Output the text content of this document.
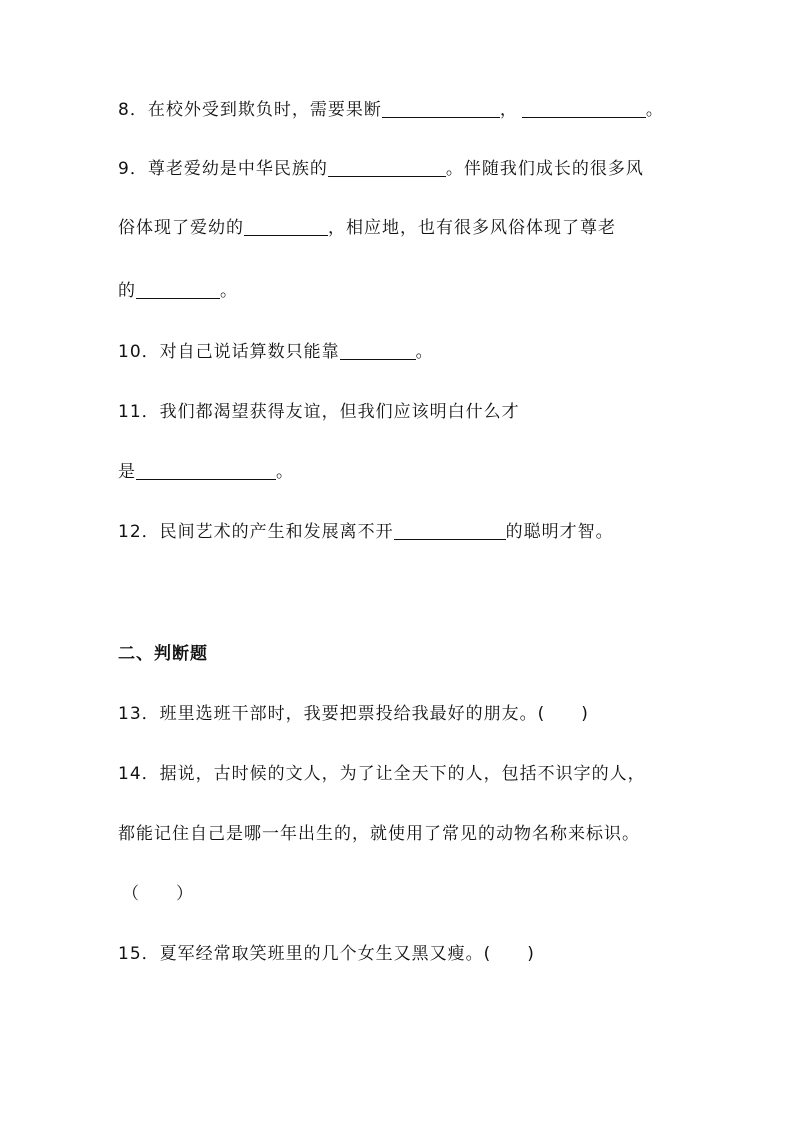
8．在校外受到欺负时，需要果断	，	。
9．尊老爱幼是中华民族的	。伴随我们成长的很多风
俗体现了爱幼的	，相应地，也有很多风俗体现了尊老
的	。
10．对自己说话算数只能靠	。
11．我们都渴望获得友谊，但我们应该明白什么才
是	。
12．民间艺术的产生和发展离不开	的聪明才智。
二、判断题
13．班里选班干部时，我要把票投给我最好的朋友。(　　)
14．据说，古时候的文人，为了让全天下的人，包括不识字的人，
都能记住自己是哪一年出生的，就使用了常见的动物名称来标识。
（　　）
15．夏军经常取笑班里的几个女生又黑又瘦。(　　)
